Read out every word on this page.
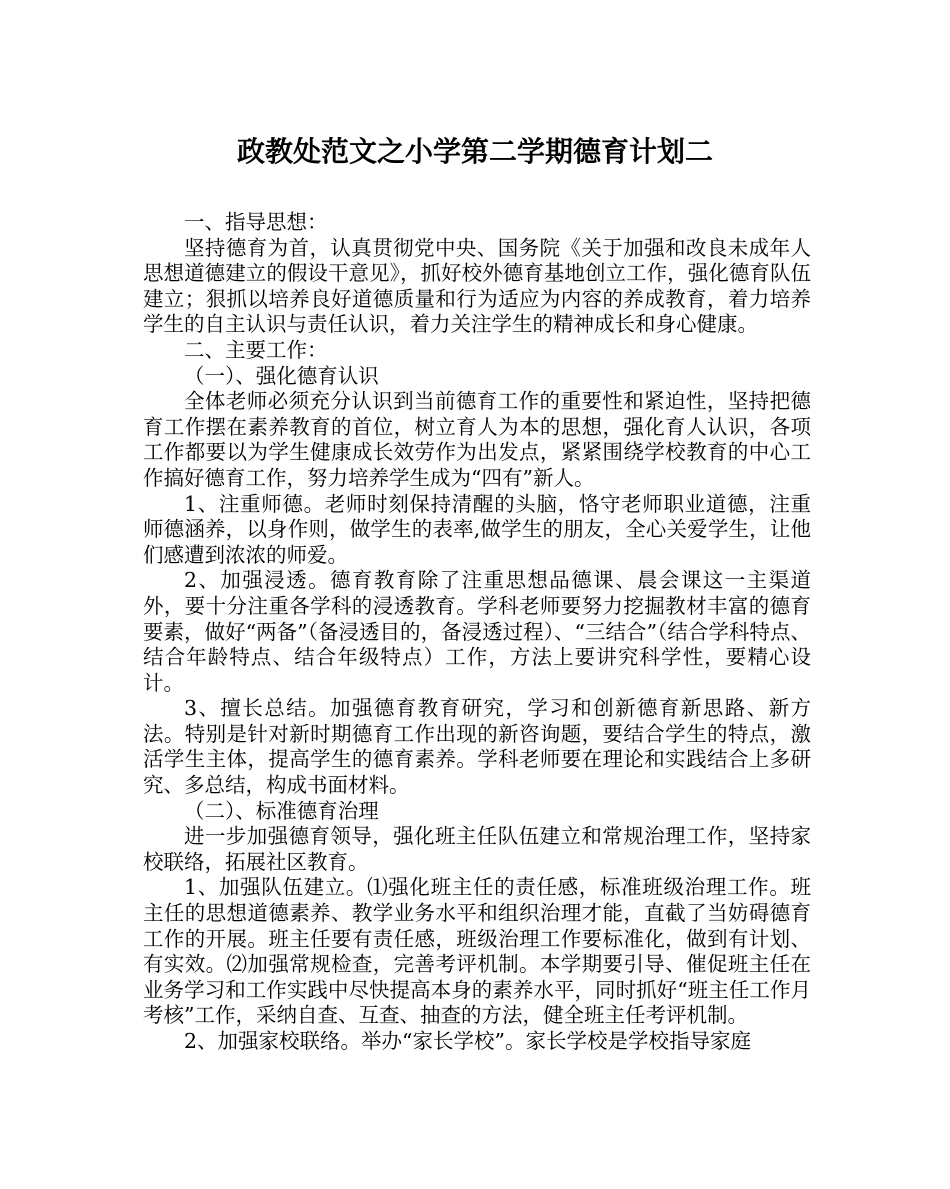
政教处范文之小学第二学期德育计划二

一、指导思想：

坚持德育为首，认真贯彻党中央、国务院《关于加强和改良未成年人思想道德建立的假设干意见》，抓好校外德育基地创立工作，强化德育队伍建立；狠抓以培养良好道德质量和行为适应为内容的养成教育，着力培养学生的自主认识与责任认识，着力关注学生的精神成长和身心健康。

二、主要工作：

（一）、强化德育认识

全体老师必须充分认识到当前德育工作的重要性和紧迫性，坚持把德育工作摆在素养教育的首位，树立育人为本的思想，强化育人认识，各项工作都要以为学生健康成长效劳作为出发点，紧紧围绕学校教育的中心工作搞好德育工作，努力培养学生成为“四有”新人。

1、注重师德。老师时刻保持清醒的头脑，恪守老师职业道德，注重师德涵养，以身作则，做学生的表率,做学生的朋友，全心关爱学生，让他们感遭到浓浓的师爱。

2、加强浸透。德育教育除了注重思想品德课、晨会课这一主渠道外，要十分注重各学科的浸透教育。学科老师要努力挖掘教材丰富的德育要素，做好“两备”（备浸透目的，备浸透过程）、“三结合”（结合学科特点、结合年龄特点、结合年级特点）工作，方法上要讲究科学性，要精心设计。

3、擅长总结。加强德育教育研究，学习和创新德育新思路、新方法。特别是针对新时期德育工作出现的新咨询题，要结合学生的特点，激活学生主体，提高学生的德育素养。学科老师要在理论和实践结合上多研究、多总结，构成书面材料。

（二）、标准德育治理

进一步加强德育领导，强化班主任队伍建立和常规治理工作，坚持家校联络，拓展社区教育。

1、加强队伍建立。⑴强化班主任的责任感，标准班级治理工作。班主任的思想道德素养、教学业务水平和组织治理才能，直截了当妨碍德育工作的开展。班主任要有责任感，班级治理工作要标准化，做到有计划、有实效。⑵加强常规检查，完善考评机制。本学期要引导、催促班主任在业务学习和工作实践中尽快提高本身的素养水平，同时抓好“班主任工作月考核”工作，采纳自查、互查、抽查的方法，健全班主任考评机制。

2、加强家校联络。举办“家长学校”。家长学校是学校指导家庭
